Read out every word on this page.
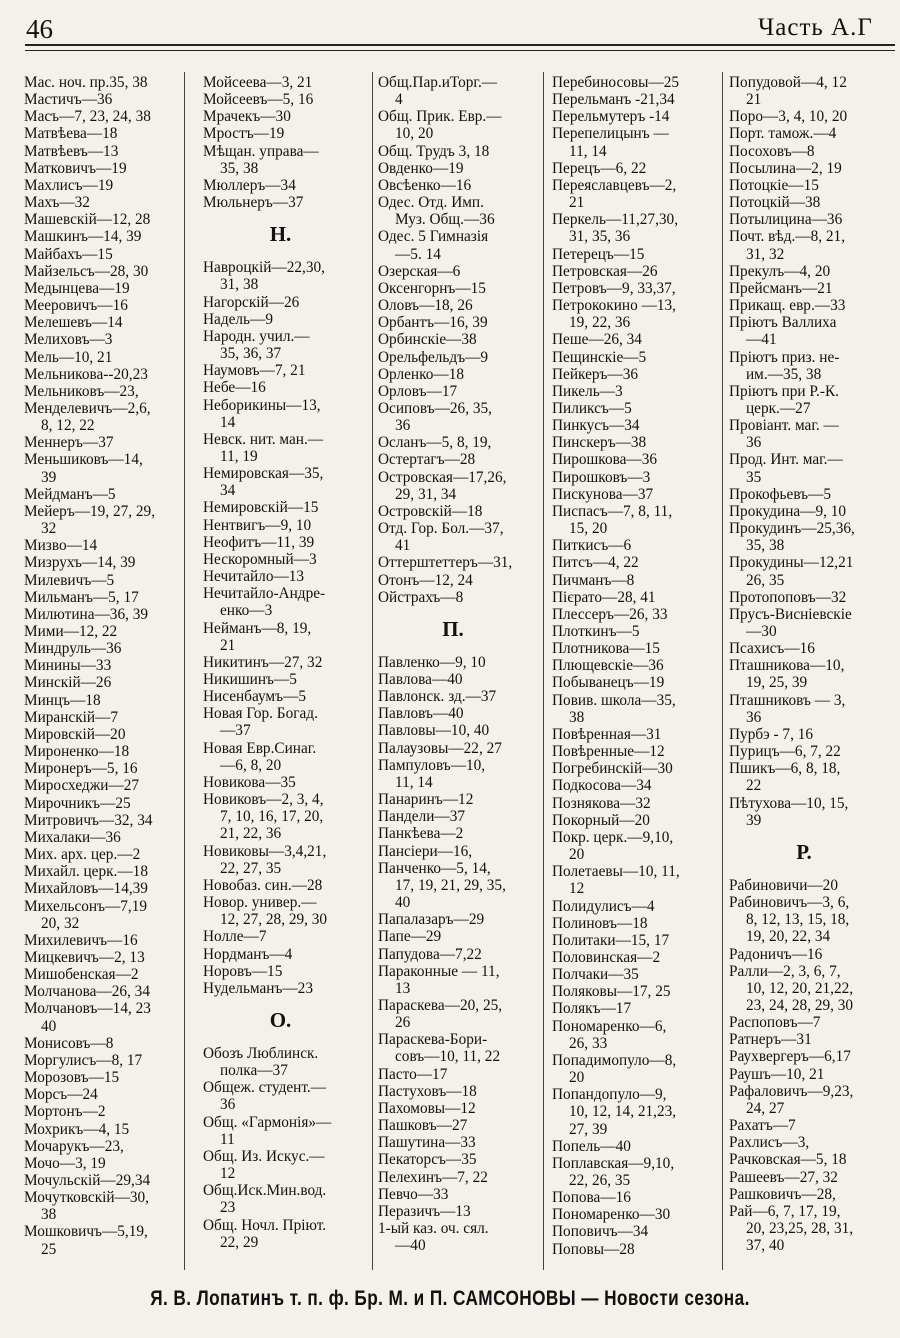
46	Часть А.Г
Мас. ноч. пр.35, 38
Мастичъ—36
Масъ—7, 23, 24, 38
Матвѣева—18
Матвѣевъ—13
Матковичъ—19
Махлисъ—19
Махъ—32
Машевскій—12, 28
Машкинъ—14, 39
Майбахъ—15
Майзельсъ—28, 30
Медынцева—19
Мееровичъ—16
Мелешевъ—14
Мелиховъ—3
Мель—10, 21
Мельникова--20,23
Мельниковъ—23,
Менделевичъ—2,6,
8, 12, 22
Меннеръ—37
Меньшиковъ—14,
39
Мейдманъ—5
Мейеръ—19, 27, 29,
32
Мизво—14
Мизрухъ—14, 39
Милевичъ—5
Мильманъ—5, 17
Милютина—36, 39
Мими—12, 22
Миндруль—36
Минины—33
Минскій—26
Минцъ—18
Миранскій—7
Мировскій—20
Мироненко—18
Миронеръ—5, 16
Миросхеджи—27
Мирочникъ—25
Митровичъ—32, 34
Михалаки—36
Мих. арх. цер.—2
Михайл. церк.—18
Михайловъ—14,39
Михельсонъ—7,19
20, 32
Михилевичъ—16
Мицкевичъ—2, 13
Мишобенская—2
Молчанова—26, 34
Молчановъ—14, 23
40
Монисовъ—8
Моргулисъ—8, 17
Морозовъ—15
Морсъ—24
Мортонъ—2
Мохрикъ—4, 15
Мочарукъ—23,
Мочо—3, 19
Мочульскій—29,34
Мочутковскій—30,
38
Мошковичъ—5,19,
25
Мойсеева—3, 21
Мойсеевъ—5, 16
Мрачекъ—30
Мростъ—19
Мѣщан. управа—
35, 38
Мюллеръ—34
Мюльнеръ—37
Н.
Навроцкій—22,30,
31, 38
Нагорскій—26
Надель—9
Народн. учил.—
35, 36, 37
Наумовъ—7, 21
Небе—16
Неборикины—13,
14
Невск. нит. ман.—
11, 19
Немировская—35,
34
Немировскій—15
Нентвигъ—9, 10
Неофитъ—11, 39
Нескоромный—3
Нечитайло—13
Нечитайло-Андре-
енко—3
Нейманъ—8, 19,
21
Никитинъ—27, 32
Никишинъ—5
Нисенбаумъ—5
Новая Гор. Богад.
—37
Новая Евр.Синаг.
—6, 8, 20
Новикова—35
Новиковъ—2, 3, 4,
7, 10, 16, 17, 20,
21, 22, 36
Новиковы—3,4,21,
22, 27, 35
Новобаз. син.—28
Новор. универ.—
12, 27, 28, 29, 30
Нолле—7
Нордманъ—4
Норовъ—15
Нудельманъ—23
О.
Обозъ Люблинск.
полка—37
Общеж. студент.—
36
Общ. «Гармонія»—
11
Общ. Из. Искус.—
12
Общ.Иск.Мин.вод.
23
Общ. Ночл. Пріют.
22, 29
Общ.Пар.иТорг.—
4
Общ. Прик. Евр.—
10, 20
Общ. Трудъ 3, 18
Овденко—19
Овсѣенко—16
Одес. Отд. Имп.
Муз. Общ.—36
Одес. 5 Гимназія
—5. 14
Озерская—6
Оксенгорнъ—15
Оловъ—18, 26
Орбантъ—16, 39
Орбинскіе—38
Орельфельдъ—9
Орленко—18
Орловъ—17
Осиповъ—26, 35,
36
Осланъ—5, 8, 19,
Остертагъ—28
Островская—17,26,
29, 31, 34
Островскій—18
Отд. Гор. Бол.—37,
41
Оттерштеттеръ—31,
Отонъ—12, 24
Ойстрахъ—8
П.
Павленко—9, 10
Павлова—40
Павлонск. зд.—37
Павловъ—40
Павловы—10, 40
Палаузовы—22, 27
Пампуловъ—10,
11, 14
Панаринъ—12
Пандели—37
Панкѣева—2
Пансіери—16,
Панченко—5, 14,
17, 19, 21, 29, 35,
40
Папалазаръ—29
Папе—29
Папудова—7,22
Параконные — 11,
13
Параскева—20, 25,
26
Параскева-Бори-
совъ—10, 11, 22
Пасто—17
Пастуховъ—18
Пахомовы—12
Пашковъ—27
Пашутина—33
Пекаторсъ—35
Пелехинъ—7, 22
Певчо—33
Перазичъ—13
1-ый каз. оч. сял.
—40
Перебиносовы—25
Перельманъ -21,34
Перельмутеръ -14
Перепелицынъ —
11, 14
Перецъ—6, 22
Переяславцевъ—2,
21
Перкель—11,27,30,
31, 35, 36
Петерецъ—15
Петровская—26
Петровъ—9, 33,37,
Петрококино —13,
19, 22, 36
Пеше—26, 34
Пещинскіе—5
Пейкеръ—36
Пикель—3
Пиликсъ—5
Пинкусъ—34
Пинскеръ—38
Пирошкова—36
Пирошковъ—3
Пискунова—37
Писпасъ—7, 8, 11,
15, 20
Питкисъ—6
Питсъ—4, 22
Пичманъ—8
Пієрато—28, 41
Плессеръ—26, 33
Плоткинъ—5
Плотникова—15
Плющевскіе—36
Побыванецъ—19
Повив. школа—35,
38
Повѣренная—31
Повѣренные—12
Погребинскій—30
Подкосова—34
Познякова—32
Покорный—20
Покр. церк.—9,10,
20
Полетаевы—10, 11,
12
Полидулисъ—4
Полиновъ—18
Политаки—15, 17
Половинская—2
Полчаки—35
Поляковы—17, 25
Полякъ—17
Пономаренко—6,
26, 33
Попадимопуло—8,
20
Попандопуло—9,
10, 12, 14, 21,23,
27, 39
Попель—40
Поплавская—9,10,
22, 26, 35
Попова—16
Пономаренко—30
Поповичъ—34
Поповы—28
Попудовой—4, 12
21
Поро—3, 4, 10, 20
Порт. тамож.—4
Посоховъ—8
Посылина—2, 19
Потоцкіе—15
Потоцкій—38
Потылицина—36
Почт. вѣд.—8, 21,
31, 32
Прекулъ—4, 20
Прейсманъ—21
Прикащ. евр.—33
Пріютъ Валлиха
—41
Пріютъ приз. не-
им.—35, 38
Пріютъ при Р.-К.
церк.—27
Провіант. маг. —
36
Прод. Инт. маг.—
35
Прокофьевъ—5
Прокудина—9, 10
Прокудинъ—25,36,
35, 38
Прокудины—12,21
26, 35
Протопоповъ—32
Прусъ-Висніевскіе
—30
Псахисъ—16
Пташникова—10,
19, 25, 39
Пташниковъ — 3,
36
Пурбэ - 7, 16
Пурицъ—6, 7, 22
Пшикъ—6, 8, 18,
22
Пѣтухова—10, 15,
39
Р.
Рабиновичи—20
Рабиновичъ—3, 6,
8, 12, 13, 15, 18,
19, 20, 22, 34
Радоничъ—16
Ралли—2, 3, 6, 7,
10, 12, 20, 21,22,
23, 24, 28, 29, 30
Распоповъ—7
Ратнеръ—31
Раухвергеръ—6,17
Раушъ—10, 21
Рафаловичъ—9,23,
24, 27
Рахатъ—7
Рахлисъ—3,
Рачковская—5, 18
Рашеевъ—27, 32
Рашковичъ—28,
Рай—6, 7, 17, 19,
20, 23,25, 28, 31,
37, 40
Я. В. Лопатинъ т. п. ф. Бр. М. и П. САМСОНОВЫ — Новости сезона.
